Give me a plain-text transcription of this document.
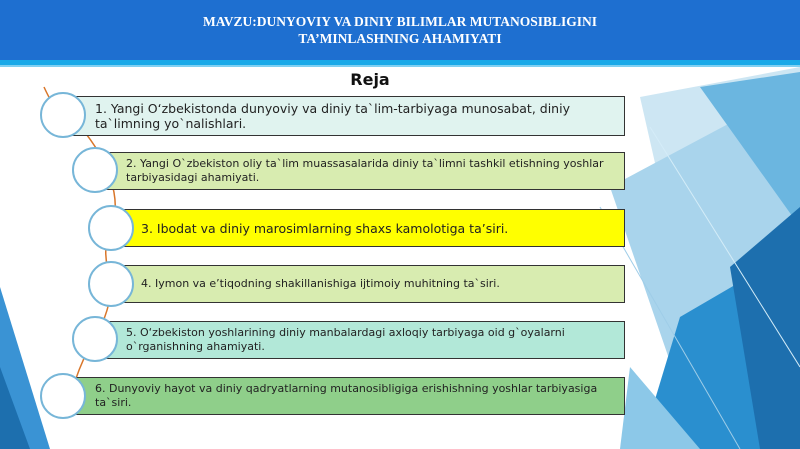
MAVZU:DUNYOVIY VA DINIY BILIMLAR MUTANOSIBLIGINI
TA’MINLASHNING AHAMIYATI
Reja
1. Yangi O‘zbekistonda dunyoviy va diniy ta`lim-tarbiyaga munosabat, diniy ta`limning yo`nalishlari.
2. Yangi O`zbekiston oliy ta`lim muassasalarida diniy ta`limni tashkil etishning yoshlar tarbiyasidagi ahamiyati.
3. Ibodat va diniy marosimlarning shaxs kamolotiga ta’siri.
4. Iymon va e’tiqodning shakillanishiga ijtimoiy muhitning ta`siri.
5. O‘zbekiston yoshlarining diniy manbalardagi axloqiy tarbiyaga oid g`oyalarni o`rganishning ahamiyati.
6. Dunyoviy hayot va diniy qadryatlarning mutanosibligiga erishishning yoshlar tarbiyasiga ta`siri.
